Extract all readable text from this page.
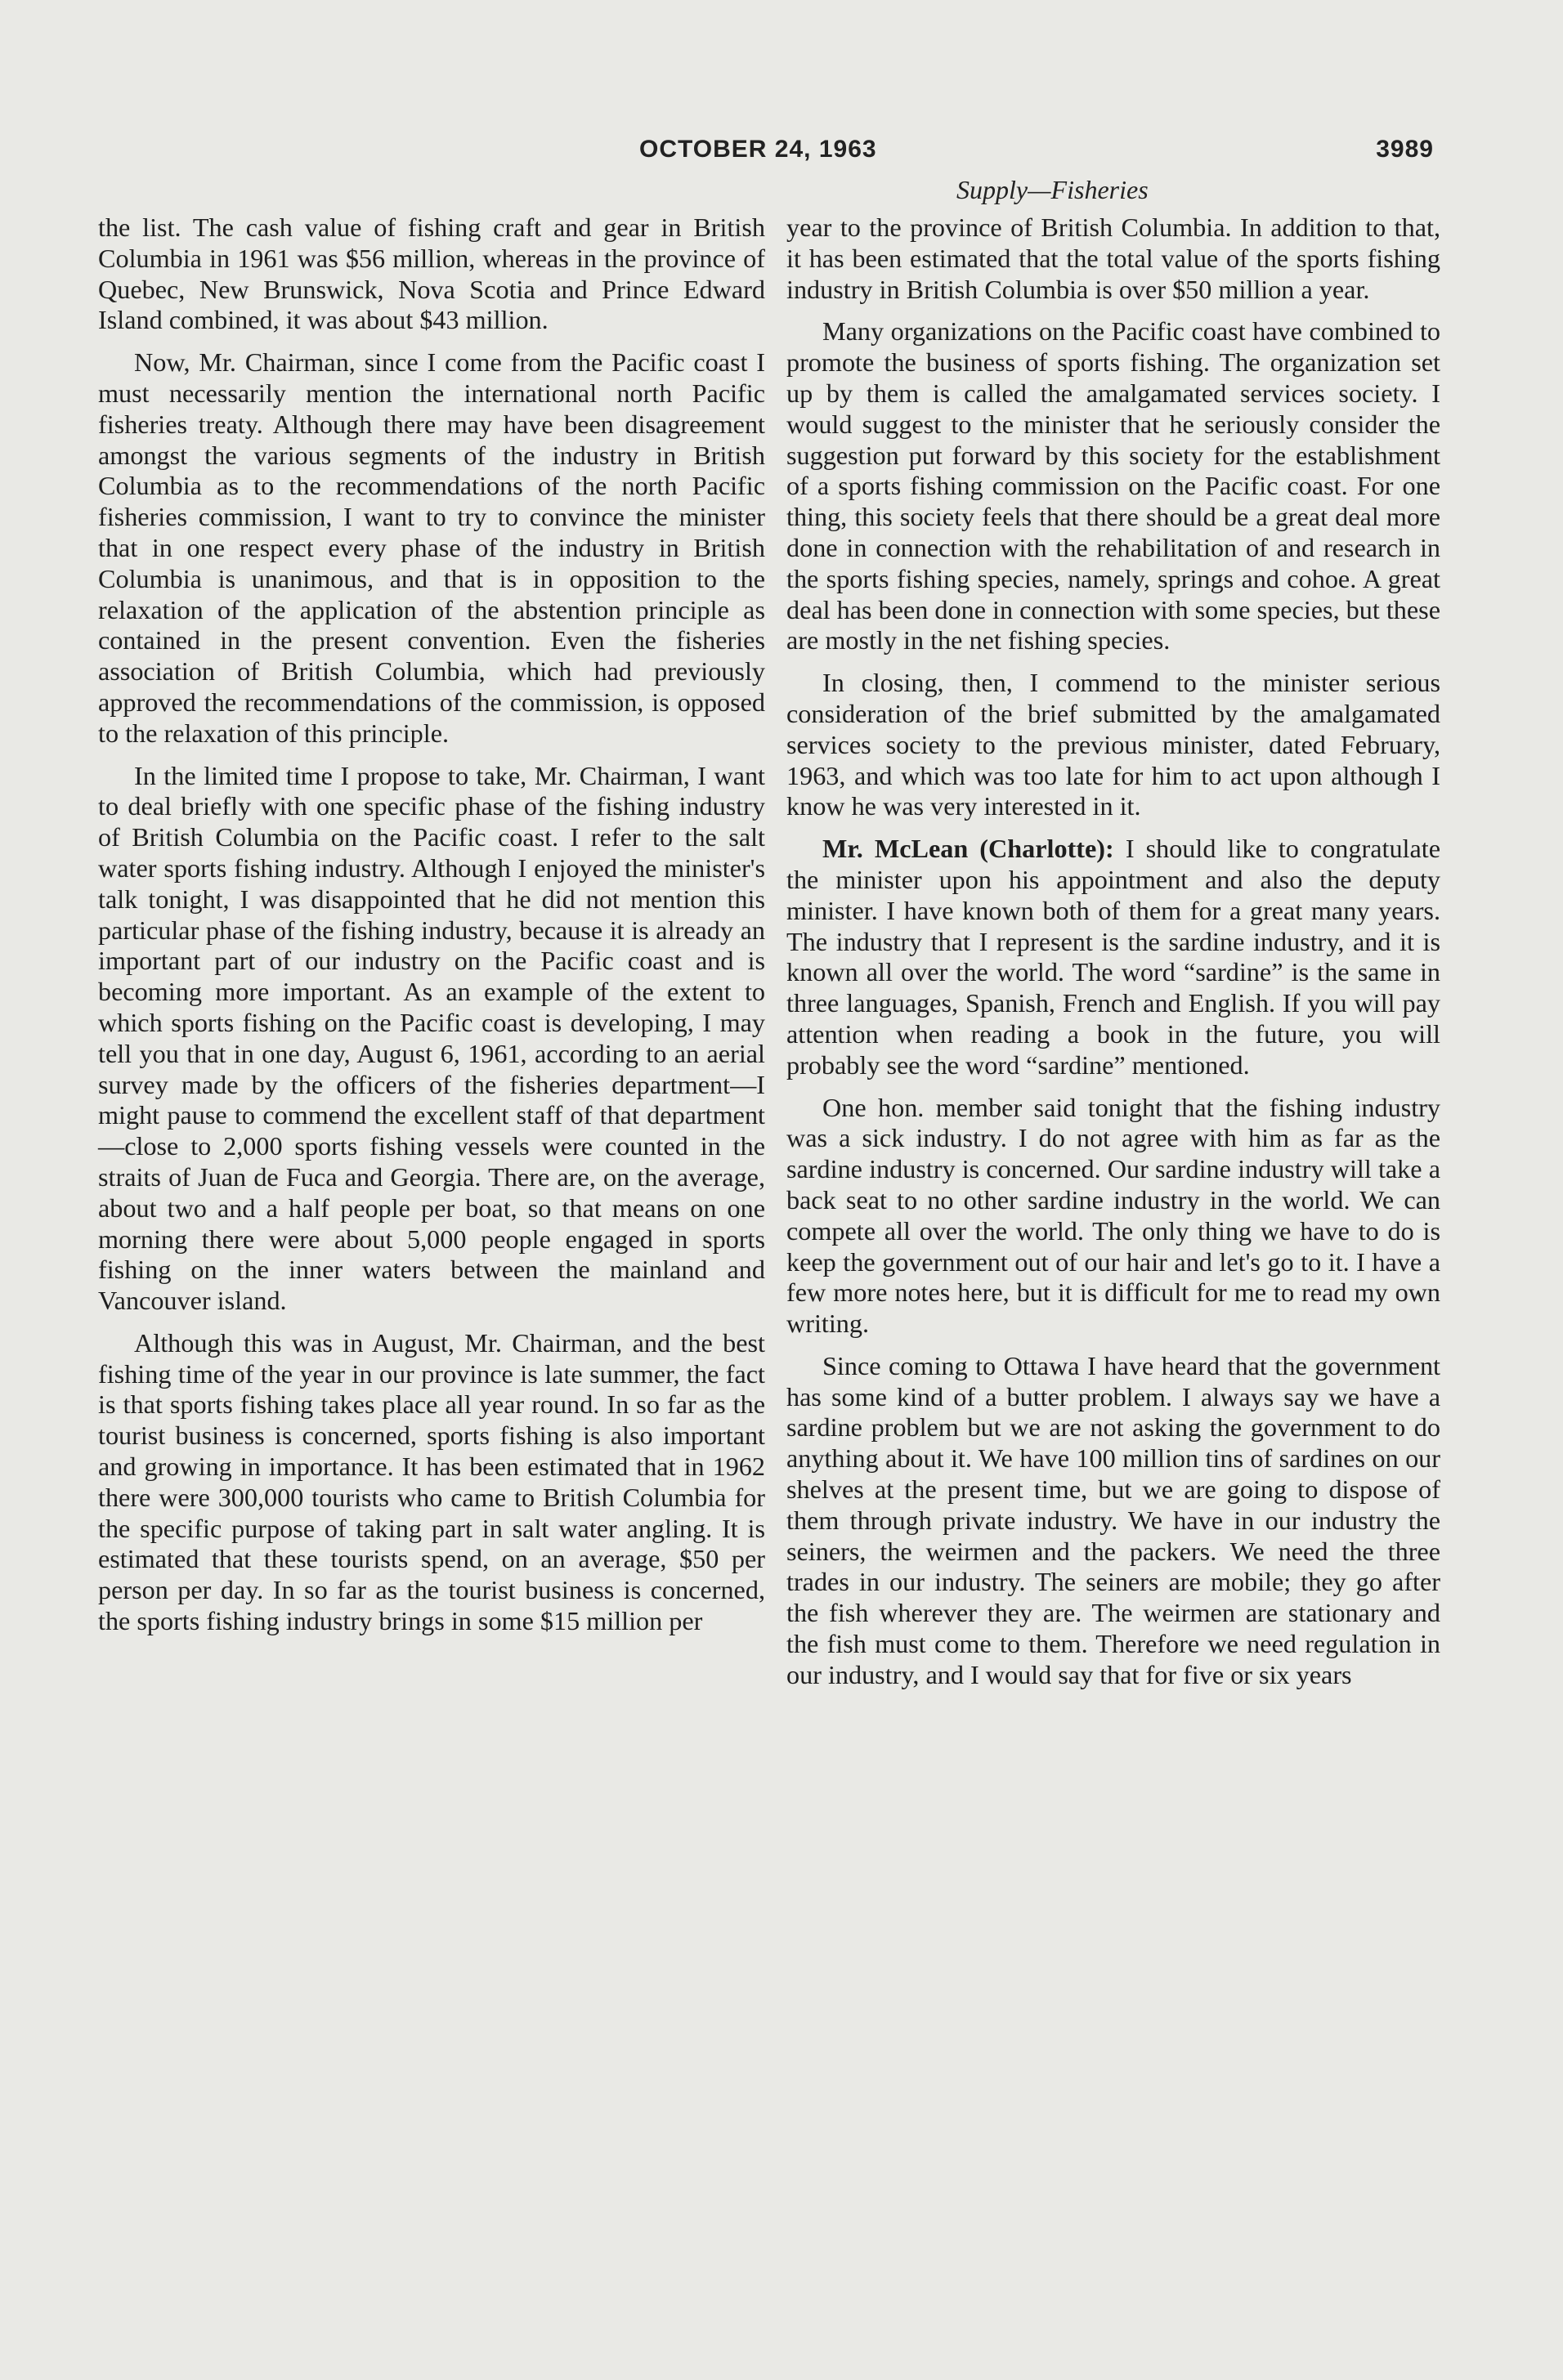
OCTOBER 24, 1963	3989
Supply—Fisheries

the list. The cash value of fishing craft and gear in British Columbia in 1961 was $56 million, whereas in the province of Quebec, New Brunswick, Nova Scotia and Prince Edward Island combined, it was about $43 million.

Now, Mr. Chairman, since I come from the Pacific coast I must necessarily mention the international north Pacific fisheries treaty. Although there may have been disagreement amongst the various segments of the industry in British Columbia as to the recommendations of the north Pacific fisheries commission, I want to try to convince the minister that in one respect every phase of the industry in British Columbia is unanimous, and that is in opposition to the relaxation of the application of the abstention principle as contained in the present convention. Even the fisheries association of British Columbia, which had previously approved the recommendations of the commission, is opposed to the relaxation of this principle.

In the limited time I propose to take, Mr. Chairman, I want to deal briefly with one specific phase of the fishing industry of British Columbia on the Pacific coast. I refer to the salt water sports fishing industry. Although I enjoyed the minister's talk tonight, I was disappointed that he did not mention this particular phase of the fishing industry, because it is already an important part of our industry on the Pacific coast and is becoming more important. As an example of the extent to which sports fishing on the Pacific coast is developing, I may tell you that in one day, August 6, 1961, according to an aerial survey made by the officers of the fisheries department—I might pause to commend the excellent staff of that department—close to 2,000 sports fishing vessels were counted in the straits of Juan de Fuca and Georgia. There are, on the average, about two and a half people per boat, so that means on one morning there were about 5,000 people engaged in sports fishing on the inner waters between the mainland and Vancouver island.

Although this was in August, Mr. Chairman, and the best fishing time of the year in our province is late summer, the fact is that sports fishing takes place all year round. In so far as the tourist business is concerned, sports fishing is also important and growing in importance. It has been estimated that in 1962 there were 300,000 tourists who came to British Columbia for the specific purpose of taking part in salt water angling. It is estimated that these tourists spend, on an average, $50 per person per day. In so far as the tourist business is concerned, the sports fishing industry brings in some $15 million per

year to the province of British Columbia. In addition to that, it has been estimated that the total value of the sports fishing industry in British Columbia is over $50 million a year.

Many organizations on the Pacific coast have combined to promote the business of sports fishing. The organization set up by them is called the amalgamated services society. I would suggest to the minister that he seriously consider the suggestion put forward by this society for the establishment of a sports fishing commission on the Pacific coast. For one thing, this society feels that there should be a great deal more done in connection with the rehabilitation of and research in the sports fishing species, namely, springs and cohoe. A great deal has been done in connection with some species, but these are mostly in the net fishing species.

In closing, then, I commend to the minister serious consideration of the brief submitted by the amalgamated services society to the previous minister, dated February, 1963, and which was too late for him to act upon although I know he was very interested in it.

Mr. McLean (Charlotte): I should like to congratulate the minister upon his appointment and also the deputy minister. I have known both of them for a great many years. The industry that I represent is the sardine industry, and it is known all over the world. The word “sardine” is the same in three languages, Spanish, French and English. If you will pay attention when reading a book in the future, you will probably see the word “sardine” mentioned.

One hon. member said tonight that the fishing industry was a sick industry. I do not agree with him as far as the sardine industry is concerned. Our sardine industry will take a back seat to no other sardine industry in the world. We can compete all over the world. The only thing we have to do is keep the government out of our hair and let's go to it. I have a few more notes here, but it is difficult for me to read my own writing.

Since coming to Ottawa I have heard that the government has some kind of a butter problem. I always say we have a sardine problem but we are not asking the government to do anything about it. We have 100 million tins of sardines on our shelves at the present time, but we are going to dispose of them through private industry. We have in our industry the seiners, the weirmen and the packers. We need the three trades in our industry. The seiners are mobile; they go after the fish wherever they are. The weirmen are stationary and the fish must come to them. Therefore we need regulation in our industry, and I would say that for five or six years
